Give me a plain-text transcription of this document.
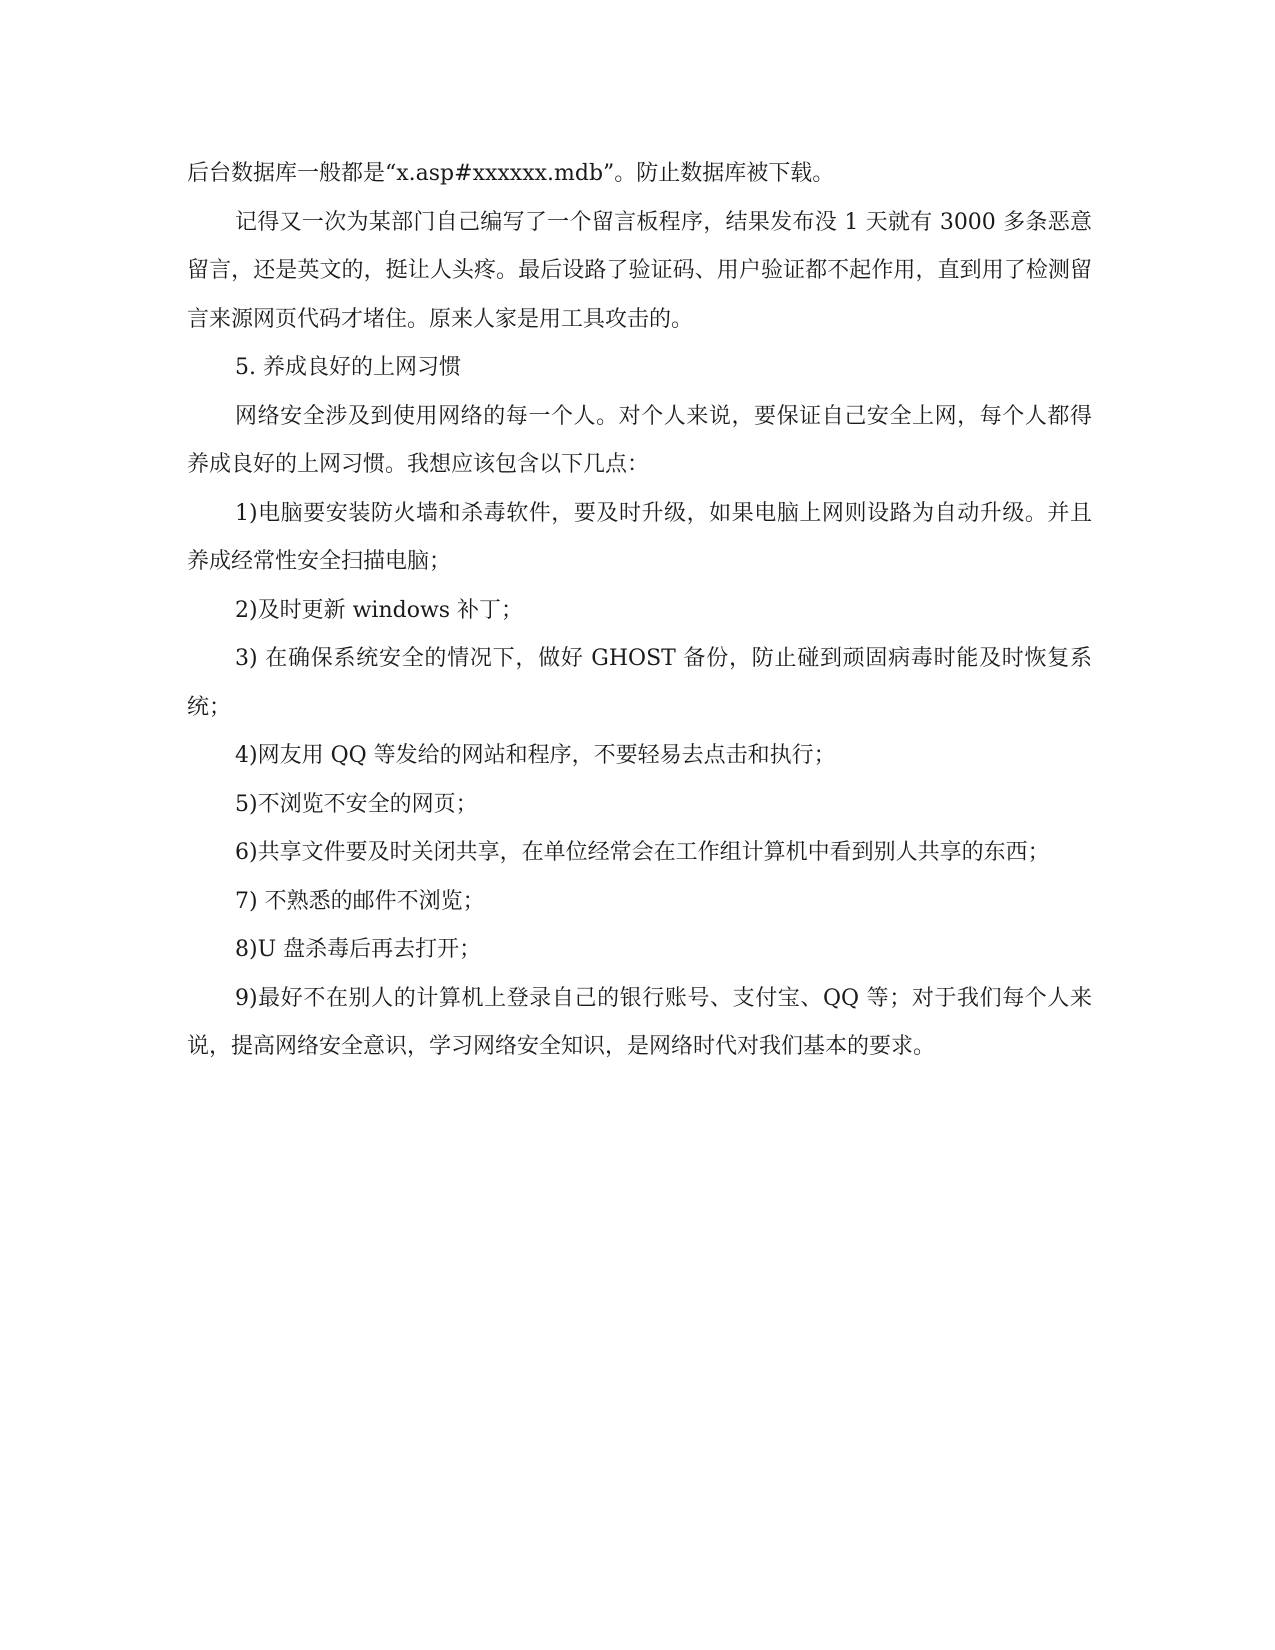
后台数据库一般都是“x.asp#xxxxxx.mdb”。防止数据库被下载。

记得又一次为某部门自己编写了一个留言板程序，结果发布没 1 天就有 3000 多条恶意留言，还是英文的，挺让人头疼。最后设路了验证码、用户验证都不起作用，直到用了检测留言来源网页代码才堵住。原来人家是用工具攻击的。

5. 养成良好的上网习惯

网络安全涉及到使用网络的每一个人。对个人来说，要保证自己安全上网，每个人都得养成良好的上网习惯。我想应该包含以下几点：

1)电脑要安装防火墙和杀毒软件，要及时升级，如果电脑上网则设路为自动升级。并且养成经常性安全扫描电脑；

2)及时更新 windows 补丁；

3) 在确保系统安全的情况下，做好 GHOST 备份，防止碰到顽固病毒时能及时恢复系统；

4)网友用 QQ 等发给的网站和程序，不要轻易去点击和执行；

5)不浏览不安全的网页；

6)共享文件要及时关闭共享，在单位经常会在工作组计算机中看到别人共享的东西；

7) 不熟悉的邮件不浏览；

8)U 盘杀毒后再去打开；

9)最好不在别人的计算机上登录自己的银行账号、支付宝、QQ 等；对于我们每个人来说，提高网络安全意识，学习网络安全知识，是网络时代对我们基本的要求。
